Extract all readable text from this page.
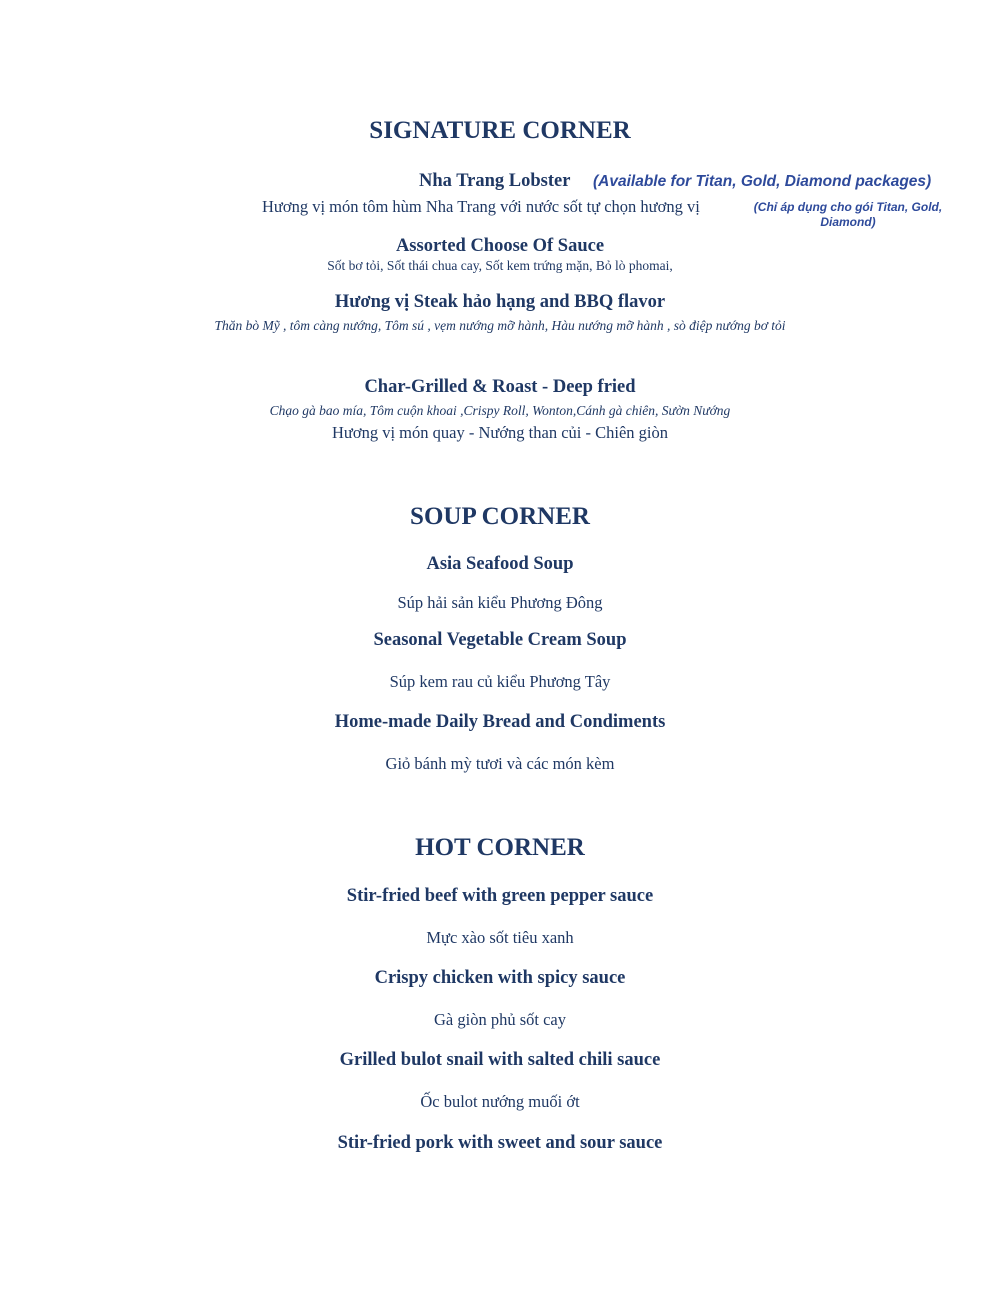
SIGNATURE CORNER
Nha Trang Lobster (Available for Titan, Gold, Diamond packages)
Hương vị món tôm hùm Nha Trang với nước sốt tự chọn hương vị	(Chỉ áp dụng cho gói Titan, Gold,
Diamond)
Assorted Choose Of Sauce
Sốt bơ tỏi, Sốt thái chua cay, Sốt kem trứng mặn, Bỏ lò phomai,
Hương vị Steak hảo hạng and BBQ flavor
Thăn bò Mỹ , tôm càng nướng, Tôm sú , vẹm nướng mỡ hành, Hàu nướng mỡ hành , sò điệp nướng bơ tỏi
Char-Grilled & Roast - Deep fried
Chạo gà bao mía, Tôm cuộn khoai ,Crispy Roll, Wonton,Cánh gà chiên, Sườn Nướng
Hương vị món quay - Nướng than củi - Chiên giòn
SOUP CORNER
Asia Seafood Soup
Súp hải sản kiểu Phương Đông
Seasonal Vegetable Cream Soup
Súp kem rau củ kiểu Phương Tây
Home-made Daily Bread and Condiments
Giỏ bánh mỳ tươi và các món kèm
HOT CORNER
Stir-fried beef with green pepper sauce
Mực xào sốt tiêu xanh
Crispy chicken with spicy sauce
Gà giòn phủ sốt cay
Grilled bulot snail with salted chili sauce
Ốc bulot nướng muối ớt
Stir-fried pork with sweet and sour sauce
